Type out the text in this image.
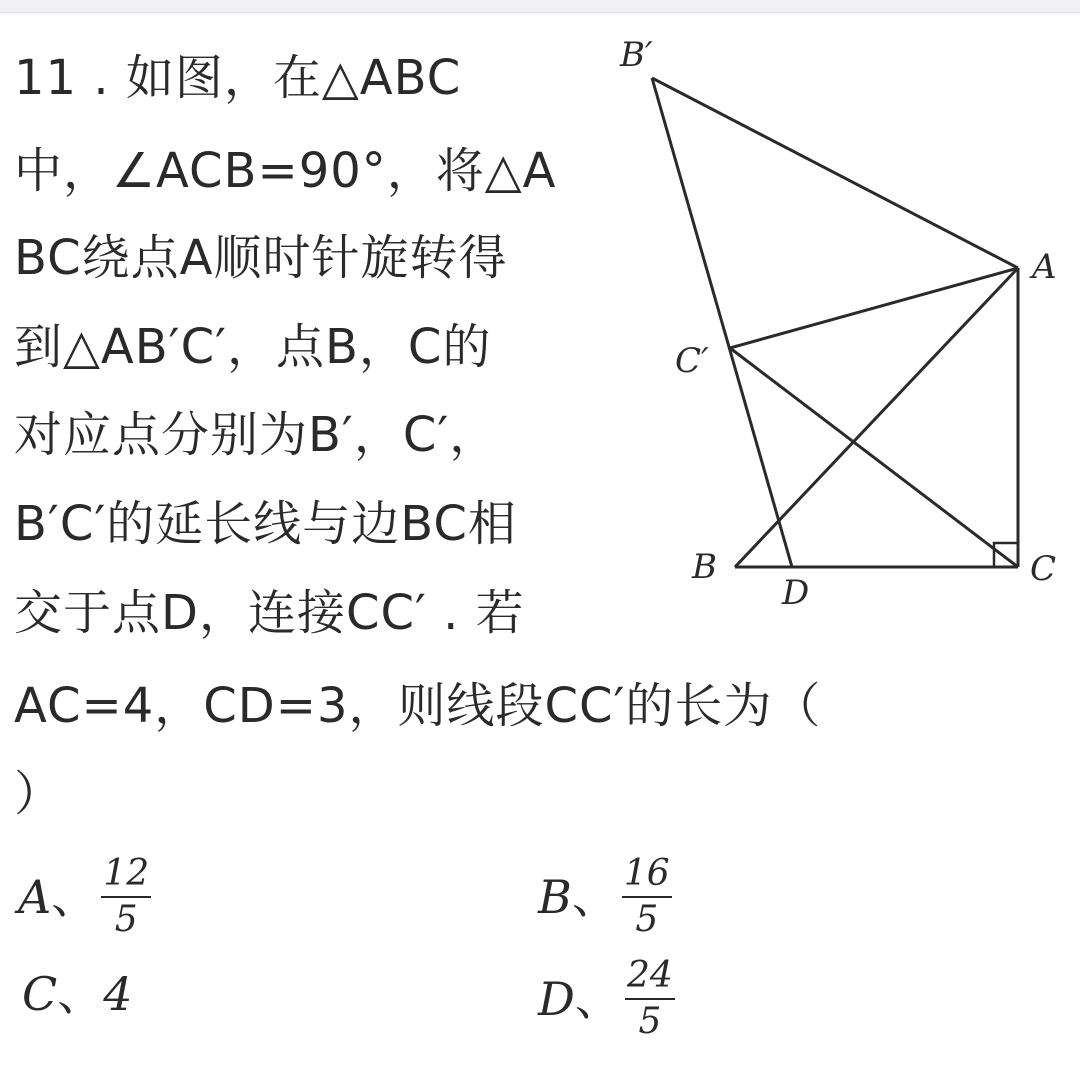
11 . 如图，在△ABC
中，∠ACB=90°，将△A
BC绕点A顺时针旋转得
到△AB′C′，点B，C的
对应点分别为B′，C′，
B′C′的延长线与边BC相
交于点D，连接CC′ . 若
AC=4，CD=3，则线段CC′的长为（
）
A 、 $\frac{12}{5}$	B 、 $\frac{16}{5}$
C 、 4	D 、 $\frac{24}{5}$
B′
A
C′
B
D
C
